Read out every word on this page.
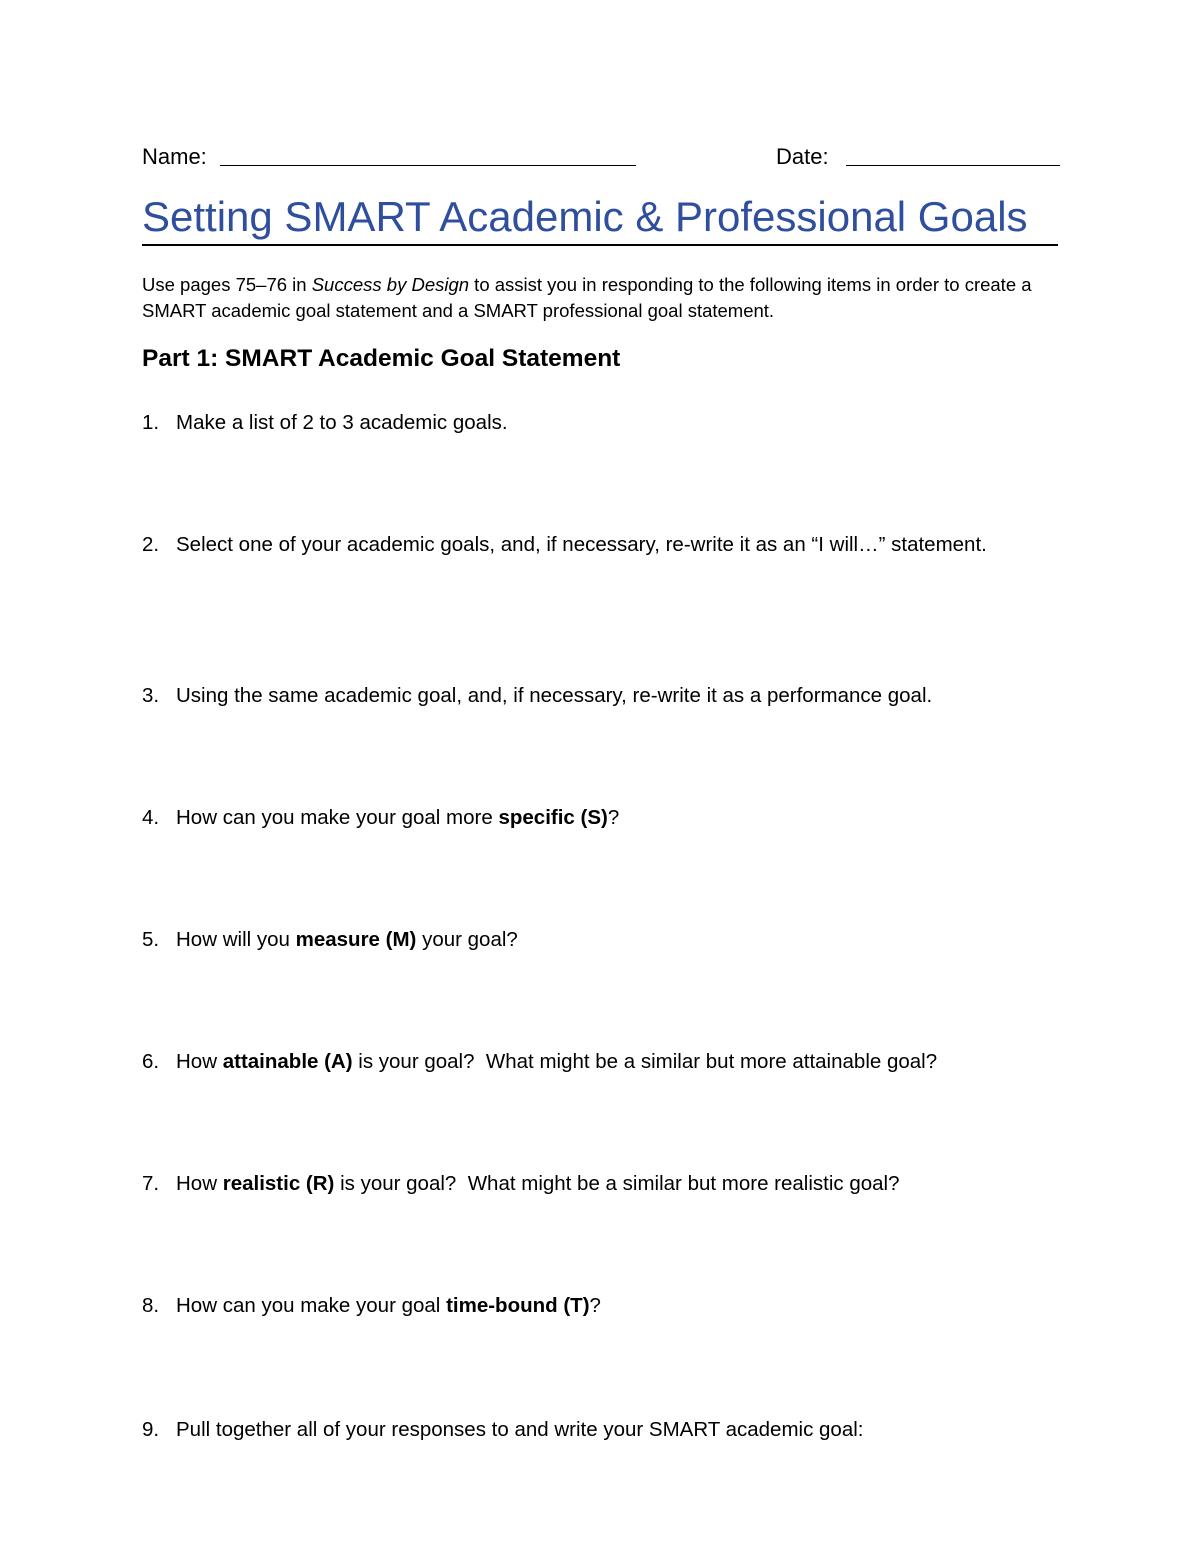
Name:	Date:
Setting SMART Academic & Professional Goals
Use pages 75–76 in Success by Design to assist you in responding to the following items in order to create a SMART academic goal statement and a SMART professional goal statement.
Part 1: SMART Academic Goal Statement
1. Make a list of 2 to 3 academic goals.
2. Select one of your academic goals, and, if necessary, re-write it as an “I will…” statement.
3. Using the same academic goal, and, if necessary, re-write it as a performance goal.
4. How can you make your goal more specific (S)?
5. How will you measure (M) your goal?
6. How attainable (A) is your goal?  What might be a similar but more attainable goal?
7. How realistic (R) is your goal?  What might be a similar but more realistic goal?
8. How can you make your goal time-bound (T)?
9. Pull together all of your responses to and write your SMART academic goal:
